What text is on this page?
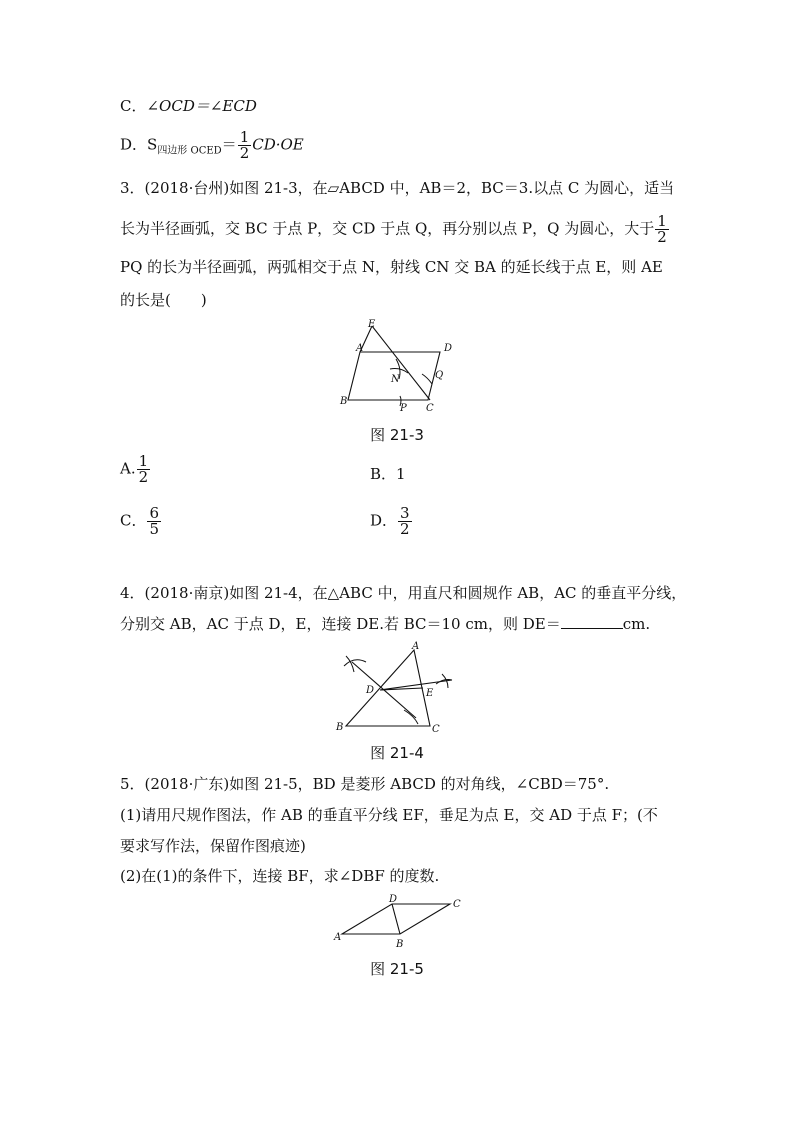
C．∠OCD＝∠ECD
D．$S_{四边形 OCED}= \frac{1}{2} CD\cdot OE$
3．(2018·台州)如图 21-3，在▱ABCD 中，AB＝2，BC＝3.以点 C 为圆心，适当
长为半径画弧，交 BC 于点 P，交 CD 于点 Q，再分别以点 P，Q 为圆心，大于 $\frac{1}{2}$
PQ 的长为半径画弧，两弧相交于点 N，射线 CN 交 BA 的延长线于点 E，则 AE
的长是(　　)
E
A	D
N	Q
B
P C
图 21-3
A. $\frac{1}{2}$	B．1
C． $\frac{6}{5}$	D． $\frac{3}{2}$
4．(2018·南京)如图 21-4，在△ABC 中，用直尺和圆规作 AB，AC 的垂直平分线，
分别交 AB，AC 于点 D，E，连接 DE.若 BC＝10 cm，则 DE＝	cm.
A
D	E
B	C
图 21-4
5．(2018·广东)如图 21-5，BD 是菱形 ABCD 的对角线，∠CBD＝75°.
(1)请用尺规作图法，作 AB 的垂直平分线 EF，垂足为点 E，交 AD 于点 F；(不
要求写作法，保留作图痕迹)
(2)在(1)的条件下，连接 BF，求∠DBF 的度数.
A
B
C
D
图 21-5
